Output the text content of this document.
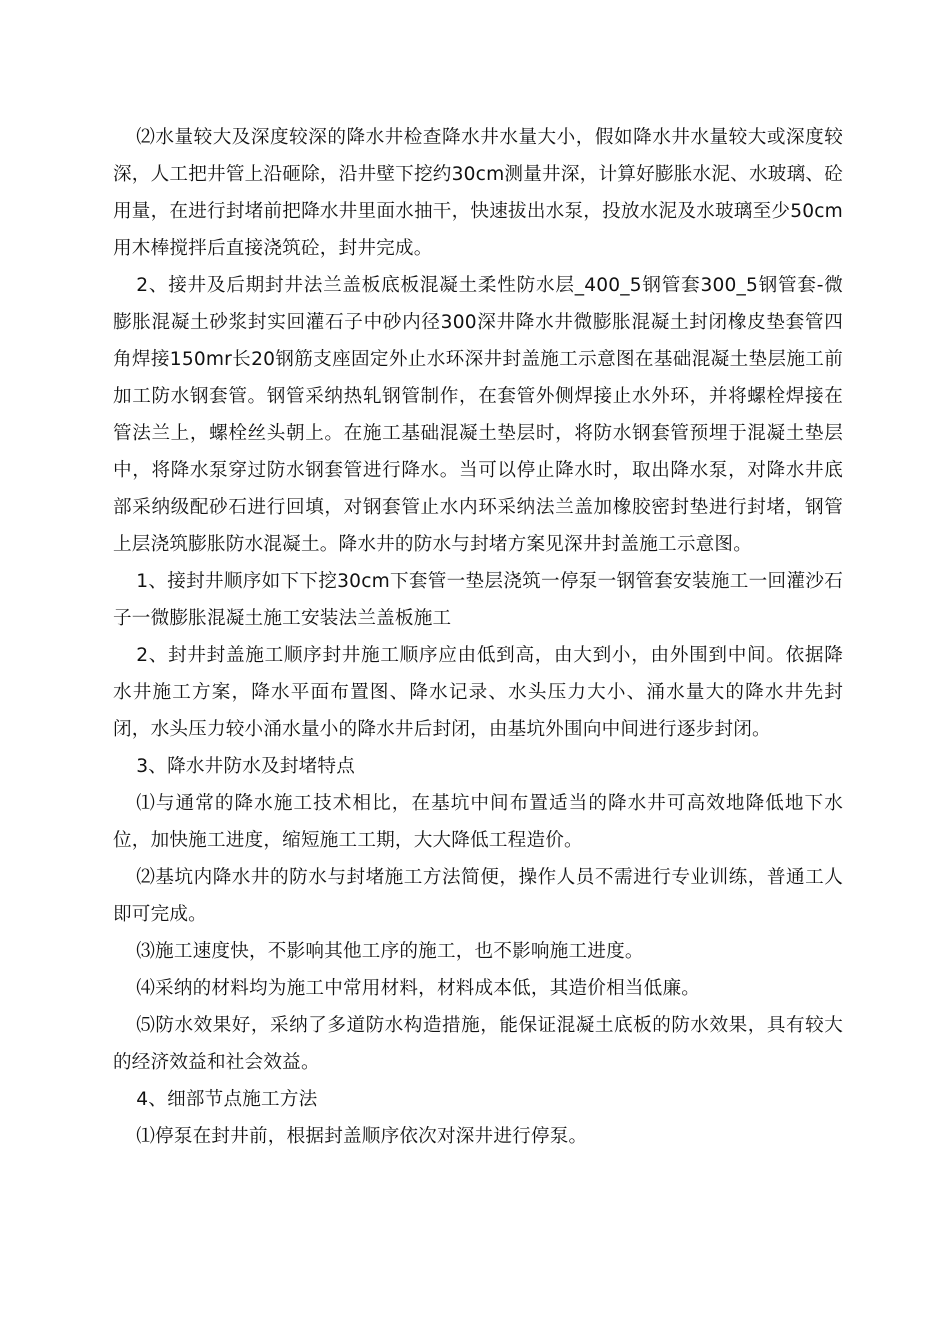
⑵水量较大及深度较深的降水井检查降水井水量大小，假如降水井水量较大或深度较深，人工把井管上沿砸除，沿井壁下挖约30cm测量井深，计算好膨胀水泥、水玻璃、砼用量，在进行封堵前把降水井里面水抽干，快速拔出水泵，投放水泥及水玻璃至少50cm用木棒搅拌后直接浇筑砼，封井完成。

2、接井及后期封井法兰盖板底板混凝土柔性防水层_400_5钢管套300_5钢管套-微膨胀混凝土砂浆封实回灌石子中砂内径300深井降水井微膨胀混凝土封闭橡皮垫套管四角焊接150mr长20钢筋支座固定外止水环深井封盖施工示意图在基础混凝土垫层施工前加工防水钢套管。钢管采纳热轧钢管制作，在套管外侧焊接止水外环，并将螺栓焊接在管法兰上，螺栓丝头朝上。在施工基础混凝土垫层时，将防水钢套管预埋于混凝土垫层中，将降水泵穿过防水钢套管进行降水。当可以停止降水时，取出降水泵，对降水井底部采纳级配砂石进行回填，对钢套管止水内环采纳法兰盖加橡胶密封垫进行封堵，钢管上层浇筑膨胀防水混凝土。降水井的防水与封堵方案见深井封盖施工示意图。

1、接封井顺序如下下挖30cm下套管一垫层浇筑一停泵一钢管套安装施工一回灌沙石子一微膨胀混凝土施工安装法兰盖板施工

2、封井封盖施工顺序封井施工顺序应由低到高，由大到小，由外围到中间。依据降水井施工方案，降水平面布置图、降水记录、水头压力大小、涌水量大的降水井先封闭，水头压力较小涌水量小的降水井后封闭，由基坑外围向中间进行逐步封闭。

3、降水井防水及封堵特点

⑴与通常的降水施工技术相比，在基坑中间布置适当的降水井可高效地降低地下水位，加快施工进度，缩短施工工期，大大降低工程造价。

⑵基坑内降水井的防水与封堵施工方法简便，操作人员不需进行专业训练，普通工人即可完成。

⑶施工速度快，不影响其他工序的施工，也不影响施工进度。

⑷采纳的材料均为施工中常用材料，材料成本低，其造价相当低廉。

⑸防水效果好，采纳了多道防水构造措施，能保证混凝土底板的防水效果，具有较大的经济效益和社会效益。

4、细部节点施工方法

⑴停泵在封井前，根据封盖顺序依次对深井进行停泵。
